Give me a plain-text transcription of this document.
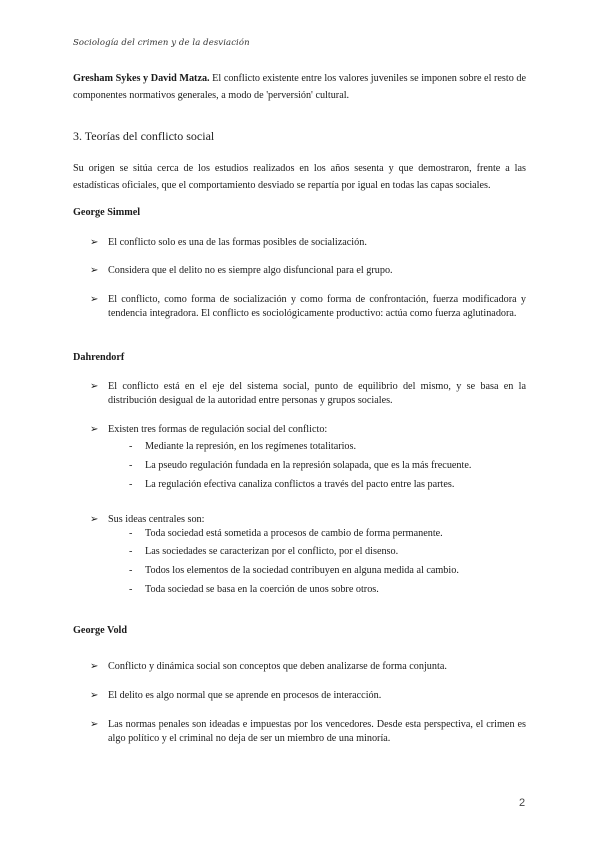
Sociología del crimen y de la desviación
Gresham Sykes y David Matza. El conflicto existente entre los valores juveniles se imponen sobre el resto de componentes normativos generales, a modo de 'perversión' cultural.
3. Teorías del conflicto social
Su origen se sitúa cerca de los estudios realizados en los años sesenta y que demostraron, frente a las estadísticas oficiales, que el comportamiento desviado se repartía por igual en todas las capas sociales.
George Simmel
➢ El conflicto solo es una de las formas posibles de socialización.
➢ Considera que el delito no es siempre algo disfuncional para el grupo.
➢ El conflicto, como forma de socialización y como forma de confrontación, fuerza modificadora y tendencia integradora. El conflicto es sociológicamente productivo: actúa como fuerza aglutinadora.
Dahrendorf
➢ El conflicto está en el eje del sistema social, punto de equilibrio del mismo, y se basa en la distribución desigual de la autoridad entre personas y grupos sociales.
➢ Existen tres formas de regulación social del conflicto:
- Mediante la represión, en los regímenes totalitarios.
- La pseudo regulación fundada en la represión solapada, que es la más frecuente.
- La regulación efectiva canaliza conflictos a través del pacto entre las partes.
➢ Sus ideas centrales son:
- Toda sociedad está sometida a procesos de cambio de forma permanente.
- Las sociedades se caracterizan por el conflicto, por el disenso.
- Todos los elementos de la sociedad contribuyen en alguna medida al cambio.
- Toda sociedad se basa en la coerción de unos sobre otros.
George Vold
➢ Conflicto y dinámica social son conceptos que deben analizarse de forma conjunta.
➢ El delito es algo normal que se aprende en procesos de interacción.
➢ Las normas penales son ideadas e impuestas por los vencedores. Desde esta perspectiva, el crimen es algo político y el criminal no deja de ser un miembro de una minoría.
2
